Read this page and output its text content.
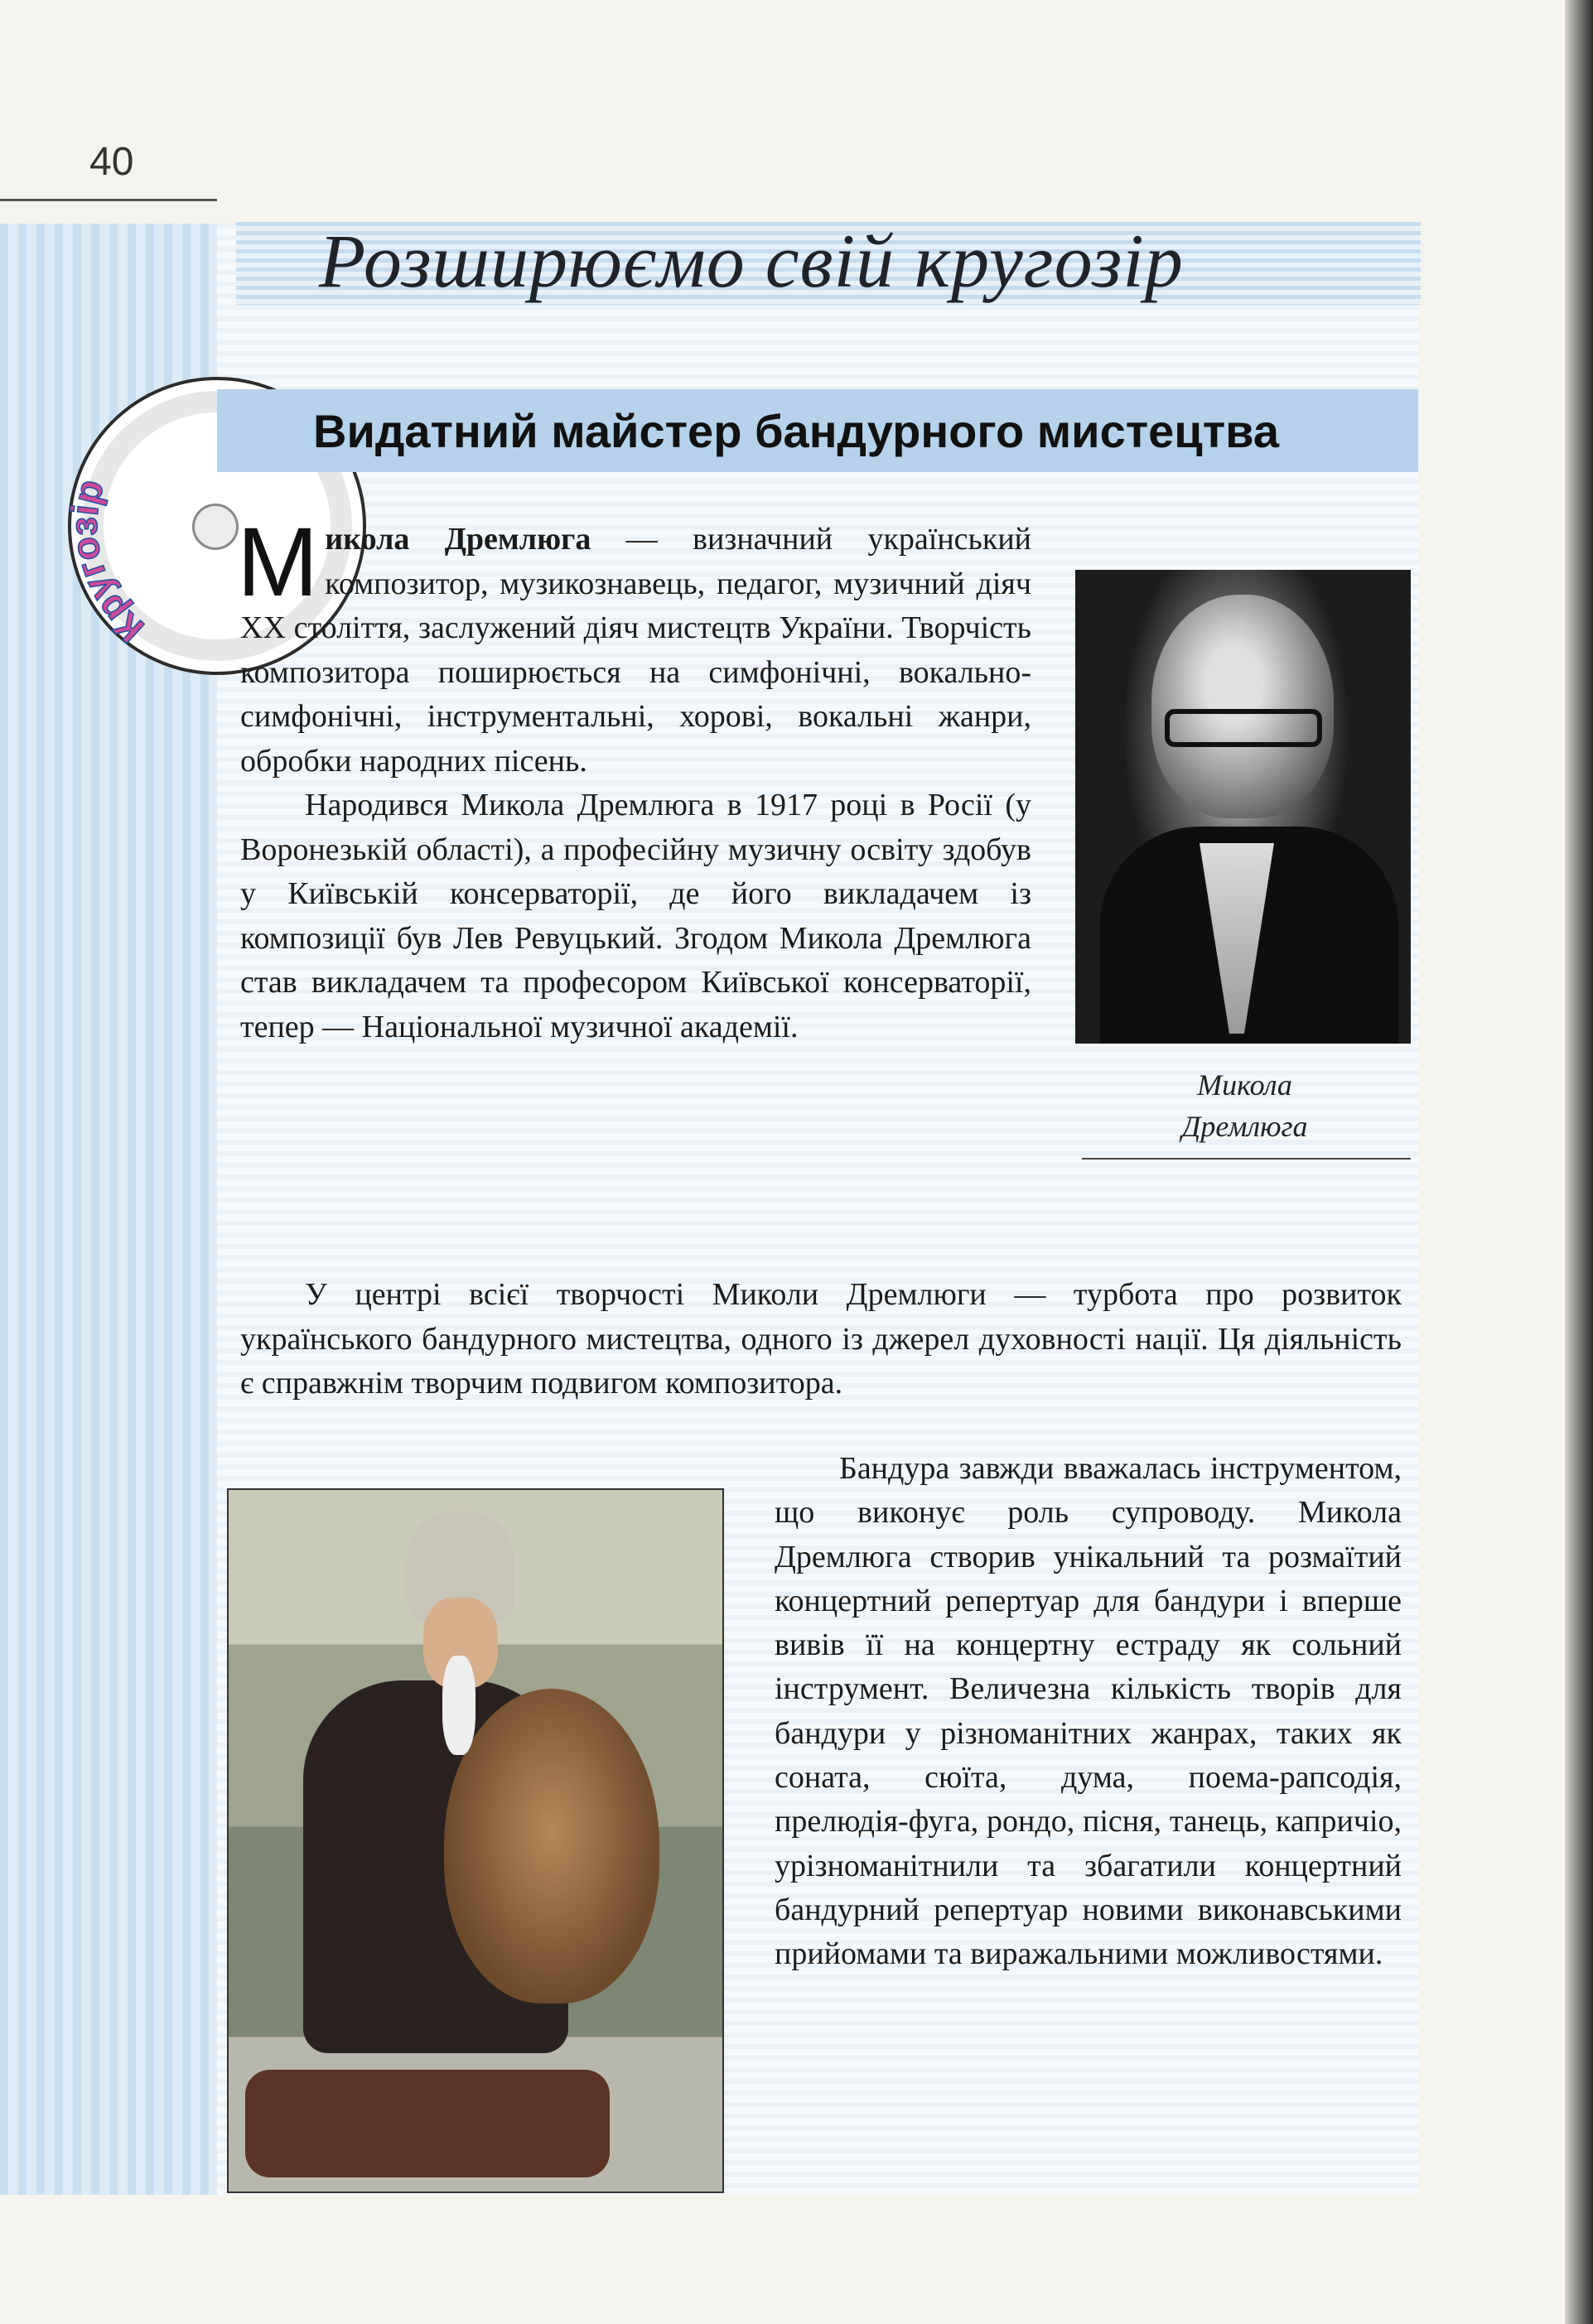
40
Розширюємо свій кругозір
Кругозір
Видатний майстер бандурного мистецтва

Микола Дремлюга — визначний український композитор, музикознавець, педагог, музичний діяч ХХ століття, заслужений діяч мистецтв України. Творчість композитора поширюється на симфонічні, вокально-симфонічні, інструментальні, хорові, вокальні жанри, обробки народних пісень.

Народився Микола Дремлюга в 1917 році в Росії (у Воронезькій області), а професійну музичну освіту здобув у Київській консерваторії, де його викладачем із композиції був Лев Ревуцький. Згодом Микола Дремлюга став викладачем та професором Київської консерваторії, тепер — Національної музичної академії.

Микола
Дремлюга

У центрі всієї творчості Миколи Дремлюги — турбота про розвиток українського бандурного мистецтва, одного із джерел духовності нації. Ця діяльність є справжнім творчим подвигом композитора.

Бандура завжди вважалась інструментом, що виконує роль супроводу. Микола Дремлюга створив унікальний та розмаїтий концертний репертуар для бандури і вперше вивів її на концертну естраду як сольний інструмент. Величезна кількість творів для бандури у різноманітних жанрах, таких як соната, сюїта, дума, поема-рапсодія, прелюдія-фуга, рондо, пісня, танець, капричіо, урізноманітнили та збагатили концертний бандурний репертуар новими виконавськими прийомами та виражальними можливостями.
